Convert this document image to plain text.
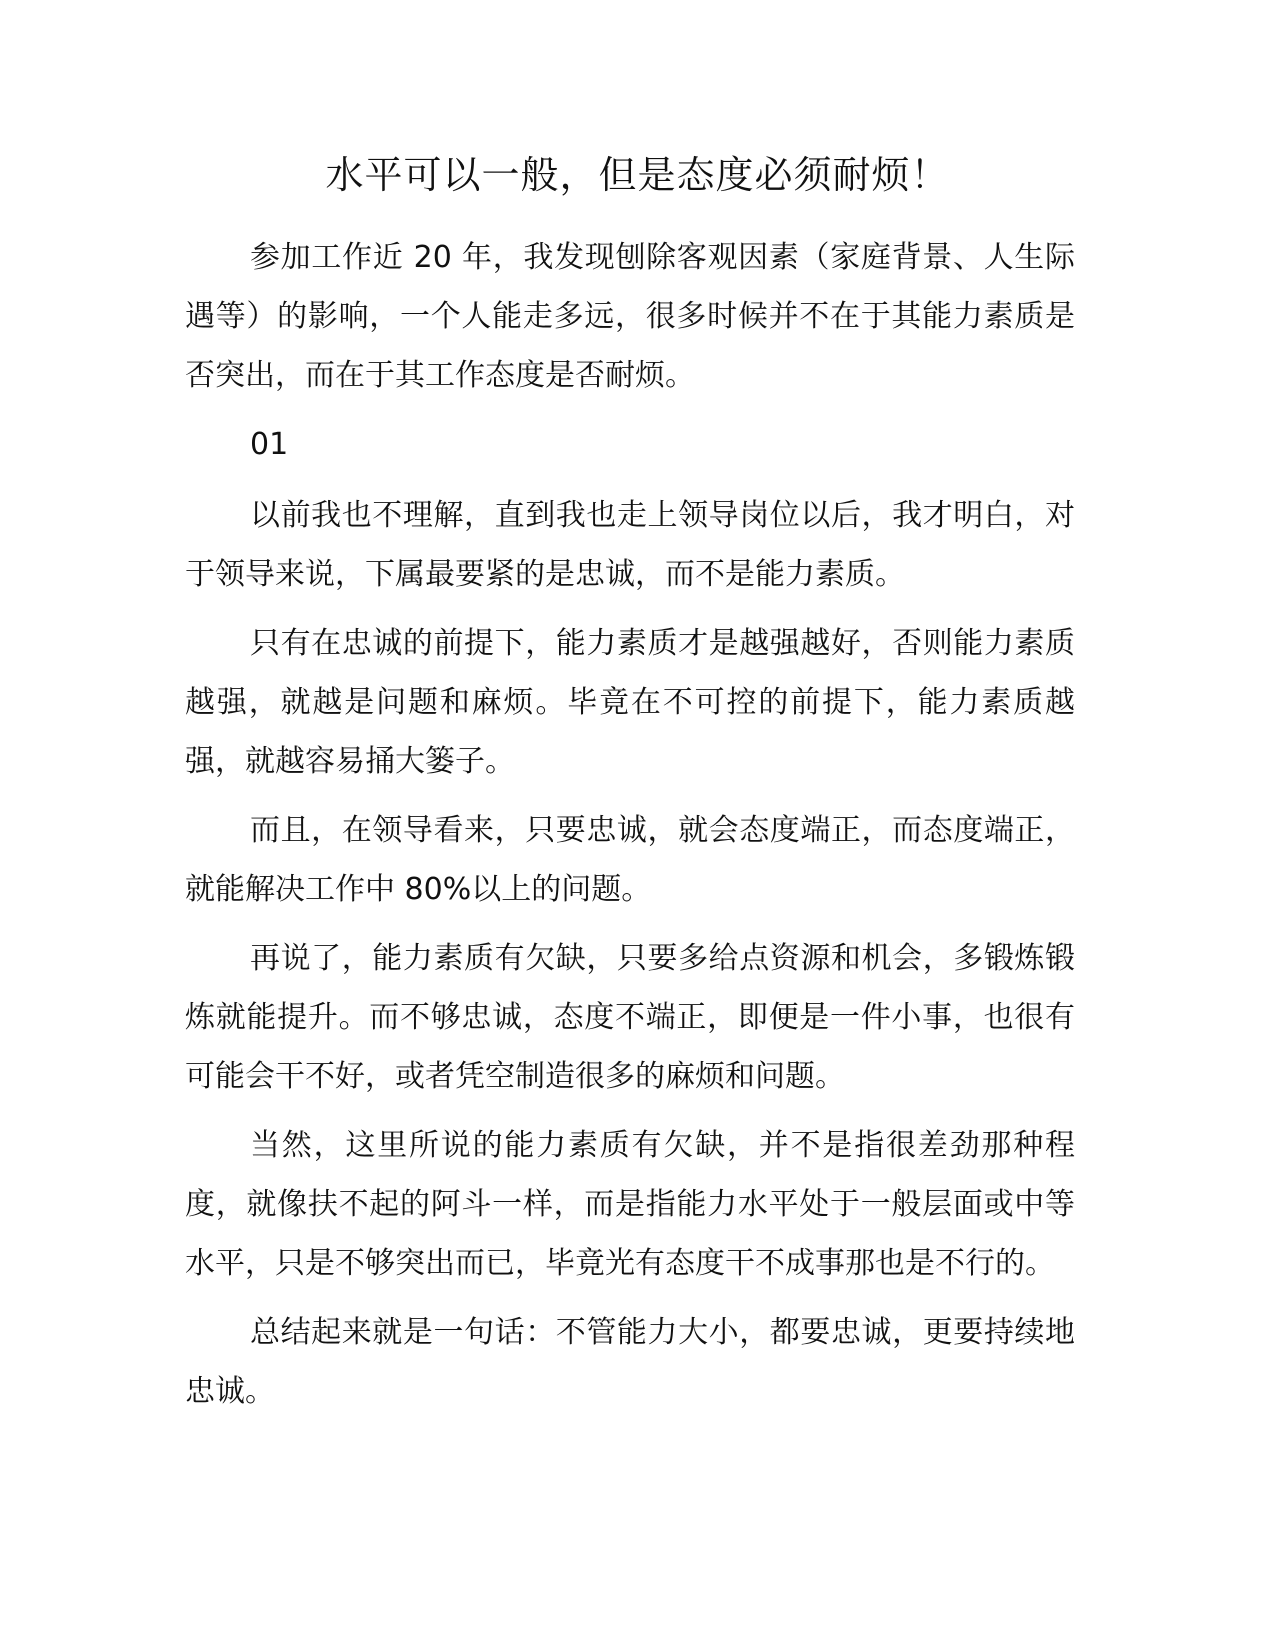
水平可以一般，但是态度必须耐烦！

参加工作近 20 年，我发现刨除客观因素（家庭背景、人生际遇等）的影响，一个人能走多远，很多时候并不在于其能力素质是否突出，而在于其工作态度是否耐烦。

01

以前我也不理解，直到我也走上领导岗位以后，我才明白，对于领导来说，下属最要紧的是忠诚，而不是能力素质。

只有在忠诚的前提下，能力素质才是越强越好，否则能力素质越强，就越是问题和麻烦。毕竟在不可控的前提下，能力素质越强，就越容易捅大篓子。

而且，在领导看来，只要忠诚，就会态度端正，而态度端正，就能解决工作中 80%以上的问题。

再说了，能力素质有欠缺，只要多给点资源和机会，多锻炼锻炼就能提升。而不够忠诚，态度不端正，即便是一件小事，也很有可能会干不好，或者凭空制造很多的麻烦和问题。

当然，这里所说的能力素质有欠缺，并不是指很差劲那种程度，就像扶不起的阿斗一样，而是指能力水平处于一般层面或中等水平，只是不够突出而已，毕竟光有态度干不成事那也是不行的。

总结起来就是一句话：不管能力大小，都要忠诚，更要持续地忠诚。
